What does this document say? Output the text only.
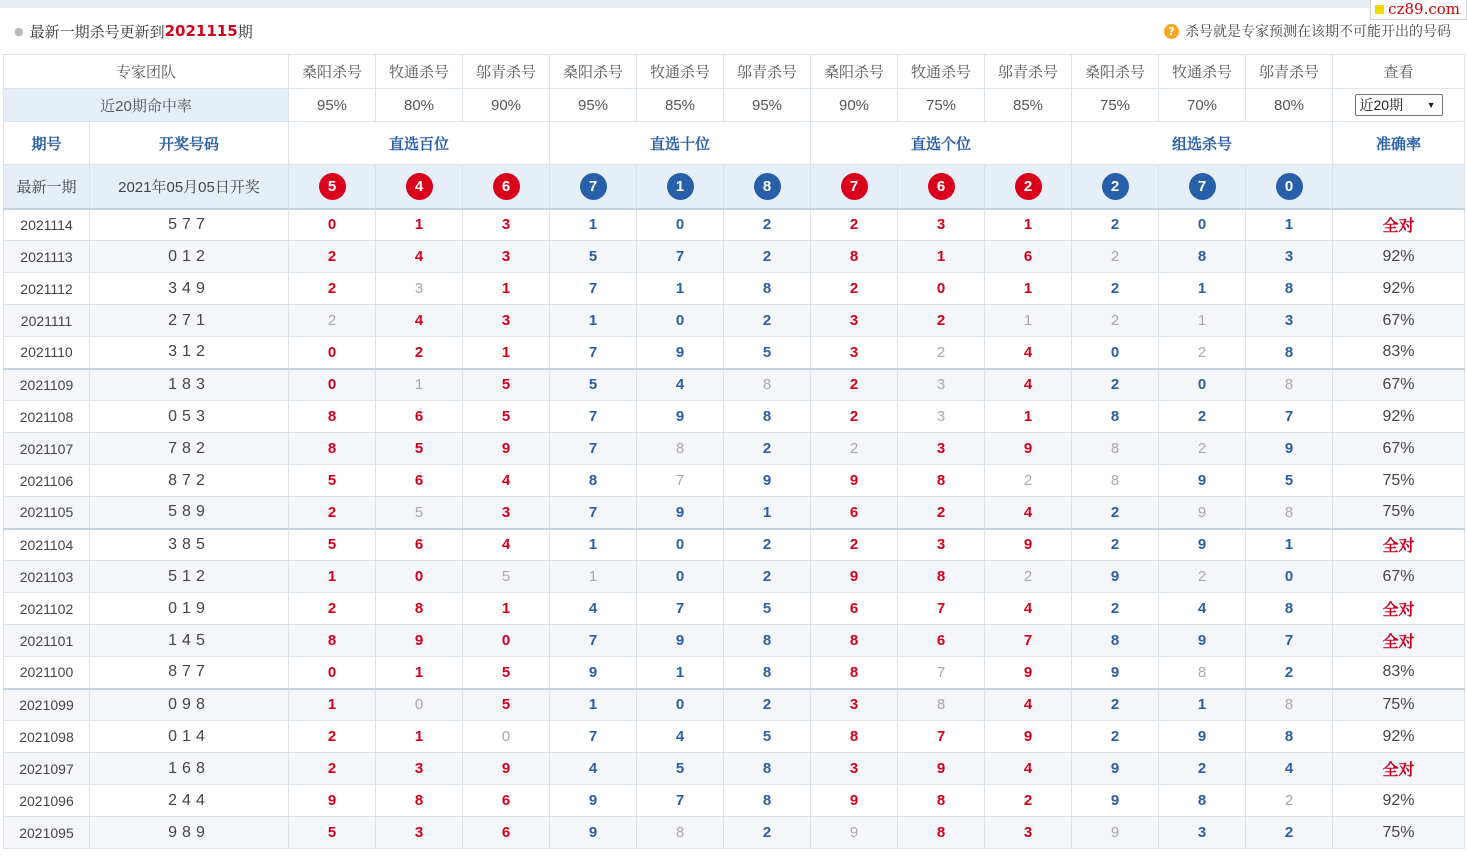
cz89.com
● 最新一期杀号更新到 2021115 期	? 杀号就是专家预测在该期不可能开出的号码
专家团队		桑阳杀号	牧通杀号	邬青杀号	桑阳杀号	牧通杀号	邬青杀号	桑阳杀号	牧通杀号	邬青杀号	桑阳杀号	牧通杀号	邬青杀号	查看
近20期命中率		95%	80%	90%	95%	85%	95%	90%	75%	85%	75%	70%	80%	近20期 ▼

期号	开奖号码	直选百位			直选十位			直选个位			组选杀号			准确率
最新一期	2021年05月05日开奖	5	4	6	7	1	8	7	6	2	2	7	0	
2021114	577	0	1	3	1	0	2	2	3	1	2	0	1	全对
2021113	012	2	4	3	5	7	2	8	1	6	2	8	3	92%
2021112	349	2	3	1	7	1	8	2	0	1	2	1	8	92%
2021111	271	2	4	3	1	0	2	3	2	1	2	1	3	67%
2021110	312	0	2	1	7	9	5	3	2	4	0	2	8	83%
2021109	183	0	1	5	5	4	8	2	3	4	2	0	8	67%
2021108	053	8	6	5	7	9	8	2	3	1	8	2	7	92%
2021107	782	8	5	9	7	8	2	2	3	9	8	2	9	67%
2021106	872	5	6	4	8	7	9	9	8	2	8	9	5	75%
2021105	589	2	5	3	7	9	1	6	2	4	2	9	8	75%
2021104	385	5	6	4	1	0	2	2	3	9	2	9	1	全对
2021103	512	1	0	5	1	0	2	9	8	2	9	2	0	67%
2021102	019	2	8	1	4	7	5	6	7	4	2	4	8	全对
2021101	145	8	9	0	7	9	8	8	6	7	8	9	7	全对
2021100	877	0	1	5	9	1	8	8	7	9	9	8	2	83%
2021099	098	1	0	5	1	0	2	3	8	4	2	1	8	75%
2021098	014	2	1	0	7	4	5	8	7	9	2	9	8	92%
2021097	168	2	3	9	4	5	8	3	9	4	9	2	4	全对
2021096	244	9	8	6	9	7	8	9	8	2	9	8	2	92%
2021095	989	5	3	6	9	8	2	9	8	3	9	3	2	75%
